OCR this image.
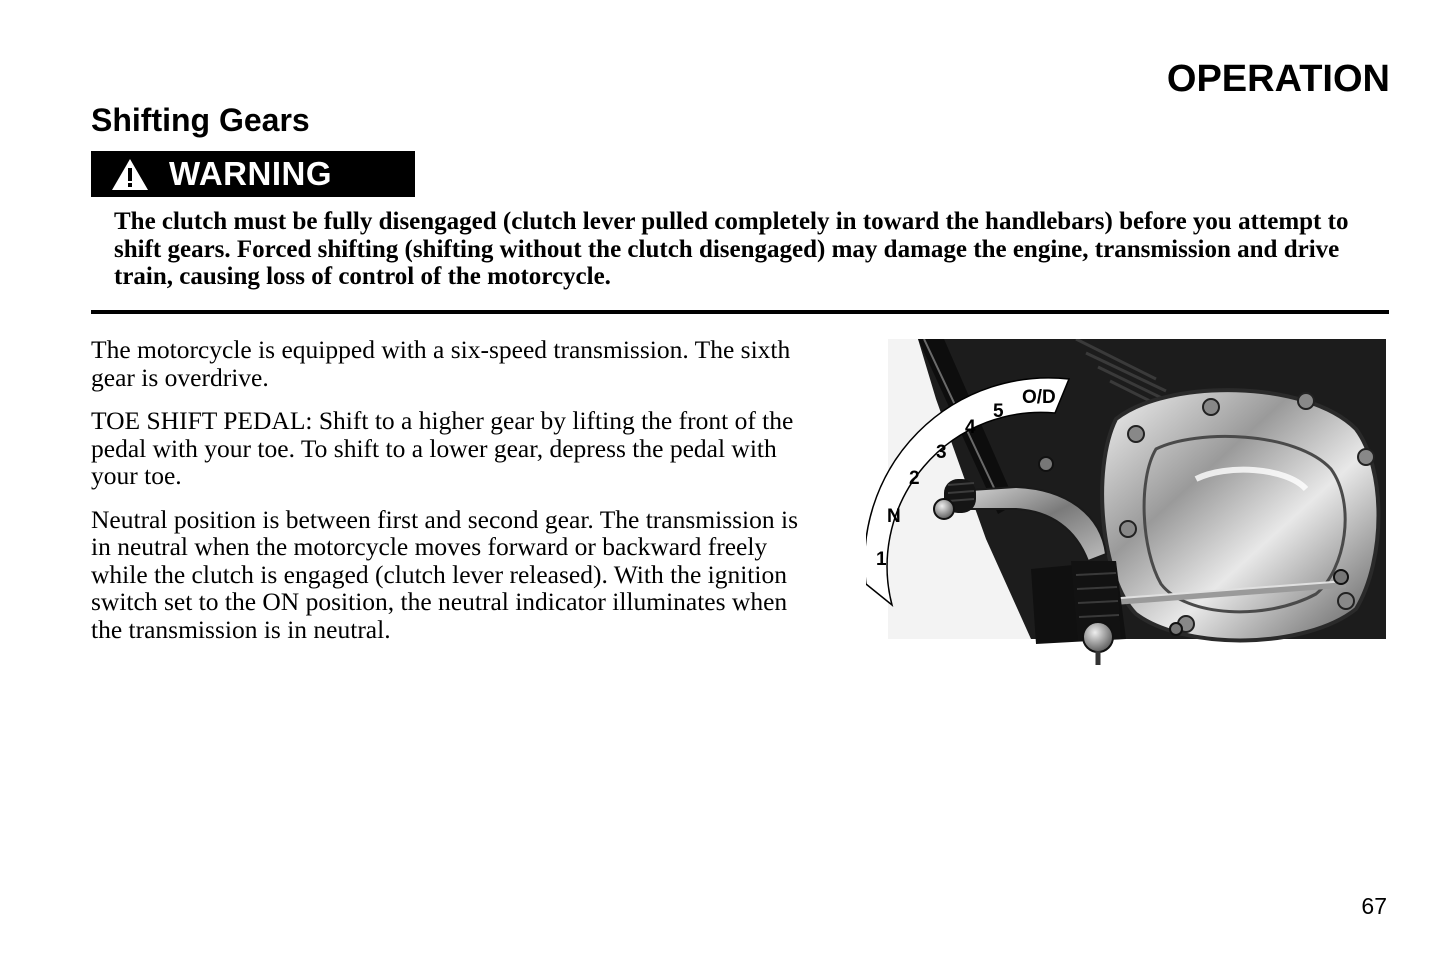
OPERATION
Shifting Gears
WARNING

The clutch must be fully disengaged (clutch lever pulled completely in toward the handlebars) before you attempt to shift gears. Forced shifting (shifting without the clutch disengaged) may damage the engine, transmission and drive train, causing loss of control of the motorcycle.

The motorcycle is equipped with a six-speed transmission. The sixth gear is overdrive.

TOE SHIFT PEDAL: Shift to a higher gear by lifting the front of the pedal with your toe. To shift to a lower gear, depress the pedal with your toe.

Neutral position is between first and second gear. The transmission is in neutral when the motorcycle moves forward or backward freely while the clutch is engaged (clutch lever released). With the ignition switch set to the ON position, the neutral indicator illuminates when the transmission is in neutral.

1
N
2
3
4
5
O/D

67
